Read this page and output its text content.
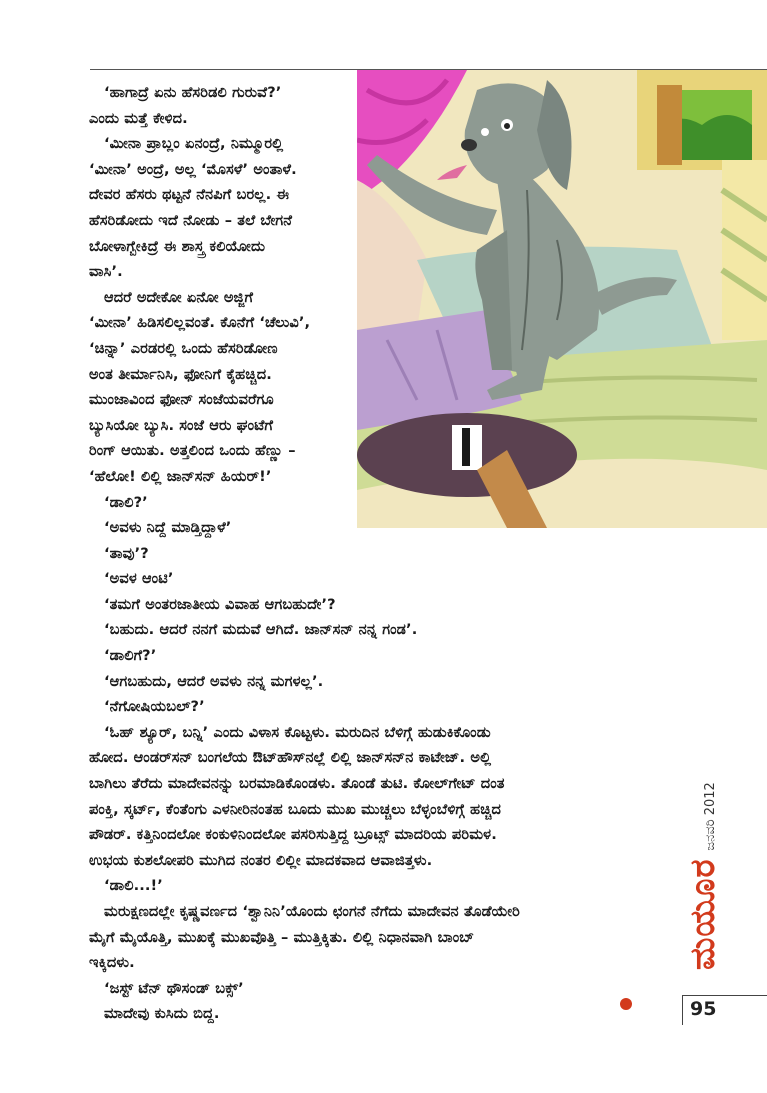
‘ಹಾಗಾದ್ರೆ ಏನು ಹೆಸರಿಡಲಿ ಗುರುವೆ?’

ಎಂದು ಮತ್ತೆ ಕೇಳಿದ.

‘ಮೀನಾ ಪ್ರಾಬ್ಲಂ ಏನಂದ್ರೆ, ನಿಮ್ಮೂರಲ್ಲಿ

‘ಮೀನಾ’ ಅಂದ್ರೆ, ಅಲ್ಲ ‘ಮೊಸಳೆ’ ಅಂತಾಳೆ.

ದೇವರ ಹೆಸರು ಥಟ್ಟನೆ ನೆನಪಿಗೆ ಬರಲ್ಲ. ಈ

ಹೆಸರಿಡೋದು ಇದೆ ನೋಡು – ತಲೆ ಬೇಗನೆ

ಬೋಳಾಗ್ಬೇಕಿದ್ರೆ ಈ ಶಾಸ್ತ್ರ ಕಲಿಯೋದು

ವಾಸಿ’.

ಆದರೆ ಅದೇಕೋ ಏನೋ ಅಜ್ಜಿಗೆ

‘ಮೀನಾ’ ಹಿಡಿಸಲಿಲ್ಲವಂತೆ. ಕೊನೆಗೆ ‘ಚೆಲುವಿ’,

‘ಚಿನ್ನಾ’ ಎರಡರಲ್ಲಿ ಒಂದು ಹೆಸರಿಡೋಣ

ಅಂತ ತೀರ್ಮಾನಿಸಿ, ಫೋನಿಗೆ ಕೈಹಚ್ಚಿದ.

ಮುಂಜಾವಿಂದ ಫೋನ್ ಸಂಜೆಯವರೆಗೂ

ಬ್ಯುಸಿಯೋ ಬ್ಯುಸಿ. ಸಂಜೆ ಆರು ಘಂಟೆಗೆ

ರಿಂಗ್ ಆಯಿತು. ಅತ್ತಲಿಂದ ಒಂದು ಹೆಣ್ಣು –

‘ಹೆಲೋ! ಲಿಲ್ಲಿ ಜಾನ್‌ಸನ್ ಹಿಯರ್!’

‘ಡಾಲಿ?’

‘ಅವಳು ನಿದ್ದೆ ಮಾಡ್ತಿದ್ದಾಳೆ’

‘ತಾವು’?

‘ಅವಳ ಆಂಟಿ’

‘ತಮಗೆ ಅಂತರಜಾತೀಯ ವಿವಾಹ ಆಗಬಹುದೇ’?

‘ಬಹುದು. ಆದರೆ ನನಗೆ ಮದುವೆ ಆಗಿದೆ. ಜಾನ್‌ಸನ್ ನನ್ನ ಗಂಡ’.

‘ಡಾಲಿಗೆ?’

‘ಆಗಬಹುದು, ಆದರೆ ಅವಳು ನನ್ನ ಮಗಳಲ್ಲ’.

‘ನೆಗೋಷಿಯಬಲ್?’

‘ಓಹ್ ಶ್ಯೂರ್, ಬನ್ನಿ’ ಎಂದು ವಿಳಾಸ ಕೊಟ್ಟಳು. ಮರುದಿನ ಬೆಳಿಗ್ಗೆ ಹುಡುಕಿಕೊಂಡು

ಹೋದ. ಆಂಡರ್‌ಸನ್ ಬಂಗಲೆಯ ಔಟ್‌ಹೌಸ್‌ನಲ್ಲೆ ಲಿಲ್ಲಿ ಜಾನ್‌ಸನ್‌ನ ಕಾಟೇಜ್. ಅಲ್ಲಿ

ಬಾಗಿಲು ತೆರೆದು ಮಾದೇವನನ್ನು ಬರಮಾಡಿಕೊಂಡಳು. ತೊಂಡೆ ತುಟಿ. ಕೋಲ್‌ಗೇಟ್ ದಂತ

ಪಂಕ್ತಿ, ಸ್ಕರ್ಟ್, ಕೆಂತೆಂಗು ಎಳನೀರಿನಂತಹ ಬೂದು ಮುಖ ಮುಚ್ಚಲು ಬೆಳ್ಳಂಬೆಳಿಗ್ಗೆ ಹಚ್ಚಿದ

ಪೌಡರ್. ಕತ್ತಿನಿಂದಲೋ ಕಂಕುಳಿನಿಂದಲೋ ಪಸರಿಸುತ್ತಿದ್ದ ಬ್ರೂಟ್ಸ್ ಮಾದರಿಯ ಪರಿಮಳ.

ಉಭಯ ಕುಶಲೋಪರಿ ಮುಗಿದ ನಂತರ ಲಿಲ್ಲೀ ಮಾದಕವಾದ ಆವಾಜಿತ್ತಳು.

‘ಡಾಲಿ...!’

ಮರುಕ್ಷಣದಲ್ಲೇ ಕೃಷ್ಣವರ್ಣದ ‘ಶ್ವಾನಿನಿ’ಯೊಂದು ಛಂಗನೆ ನೆಗೆದು ಮಾದೇವನ ತೊಡೆಯೇರಿ

ಮೈಗೆ ಮೈಯೊತ್ತಿ, ಮುಖಕ್ಕೆ ಮುಖವೊತ್ತಿ – ಮುತ್ತಿಕ್ಕಿತು. ಲಿಲ್ಲಿ ನಿಧಾನವಾಗಿ ಬಾಂಬ್

ಇಕ್ಕಿದಳು.

‘ಜಸ್ಟ್ ಟೆನ್ ಥೌಸಂಡ್ ಬಕ್ಸ್’

ಮಾದೇವು ಕುಸಿದು ಬಿದ್ದ.

ಮಯೂರ
ಜನವರಿ 2012
95
